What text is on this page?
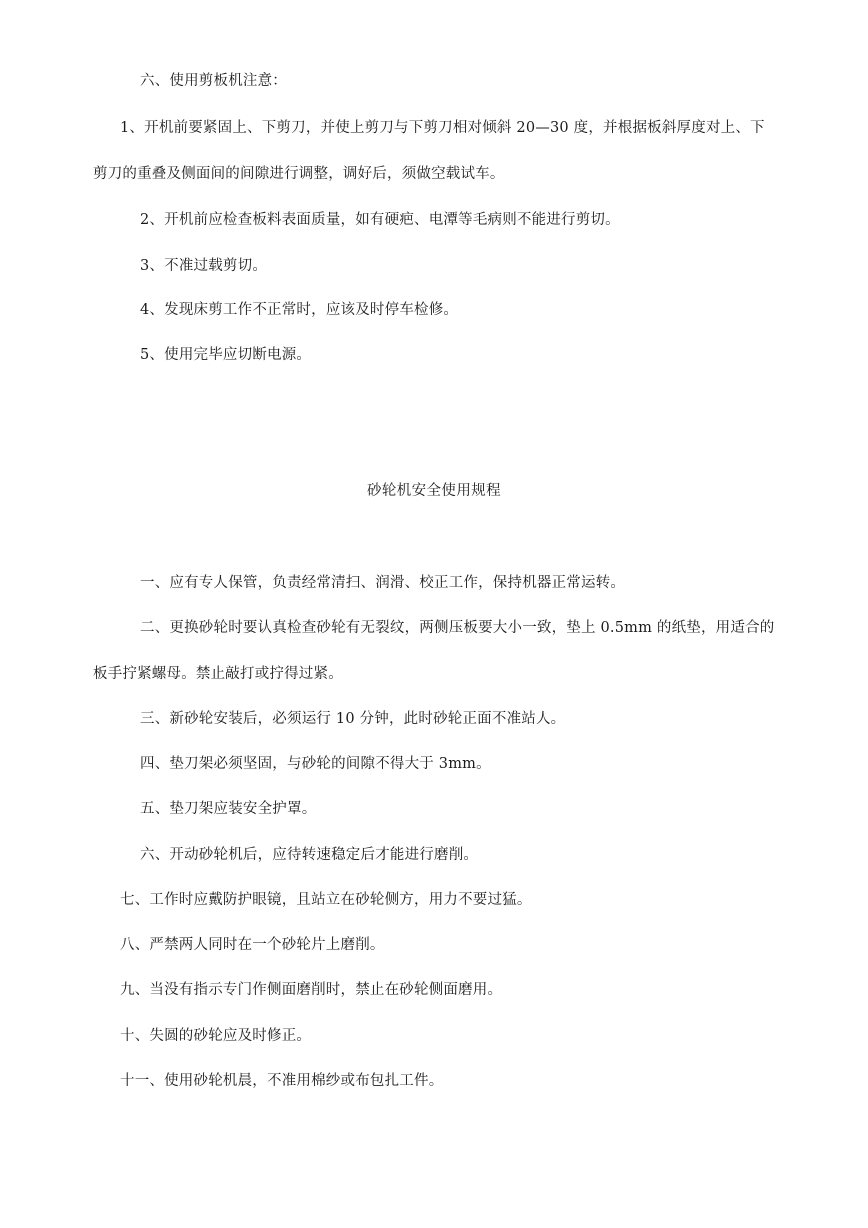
六、使用剪板机注意：
1、开机前要紧固上、下剪刀，并使上剪刀与下剪刀相对倾斜 20—30 度，并根据板斜厚度对上、下
剪刀的重叠及侧面间的间隙进行调整，调好后，须做空载试车。
2、开机前应检查板料表面质量，如有硬疤、电潭等毛病则不能进行剪切。
3、不准过载剪切。
4、发现床剪工作不正常时，应该及时停车检修。
5、使用完毕应切断电源。
砂轮机安全使用规程
一、应有专人保管，负责经常清扫、润滑、校正工作，保持机器正常运转。
二、更换砂轮时要认真检查砂轮有无裂纹，两侧压板要大小一致，垫上 0.5mm 的纸垫，用适合的
板手拧紧螺母。禁止敲打或拧得过紧。
三、新砂轮安装后，必须运行 10 分钟，此时砂轮正面不准站人。
四、垫刀架必须坚固，与砂轮的间隙不得大于 3mm。
五、垫刀架应装安全护罩。
六、开动砂轮机后，应待转速稳定后才能进行磨削。
七、工作时应戴防护眼镜，且站立在砂轮侧方，用力不要过猛。
八、严禁两人同时在一个砂轮片上磨削。
九、当没有指示专门作侧面磨削时，禁止在砂轮侧面磨用。
十、失圆的砂轮应及时修正。
十一、使用砂轮机晨，不准用棉纱或布包扎工件。
